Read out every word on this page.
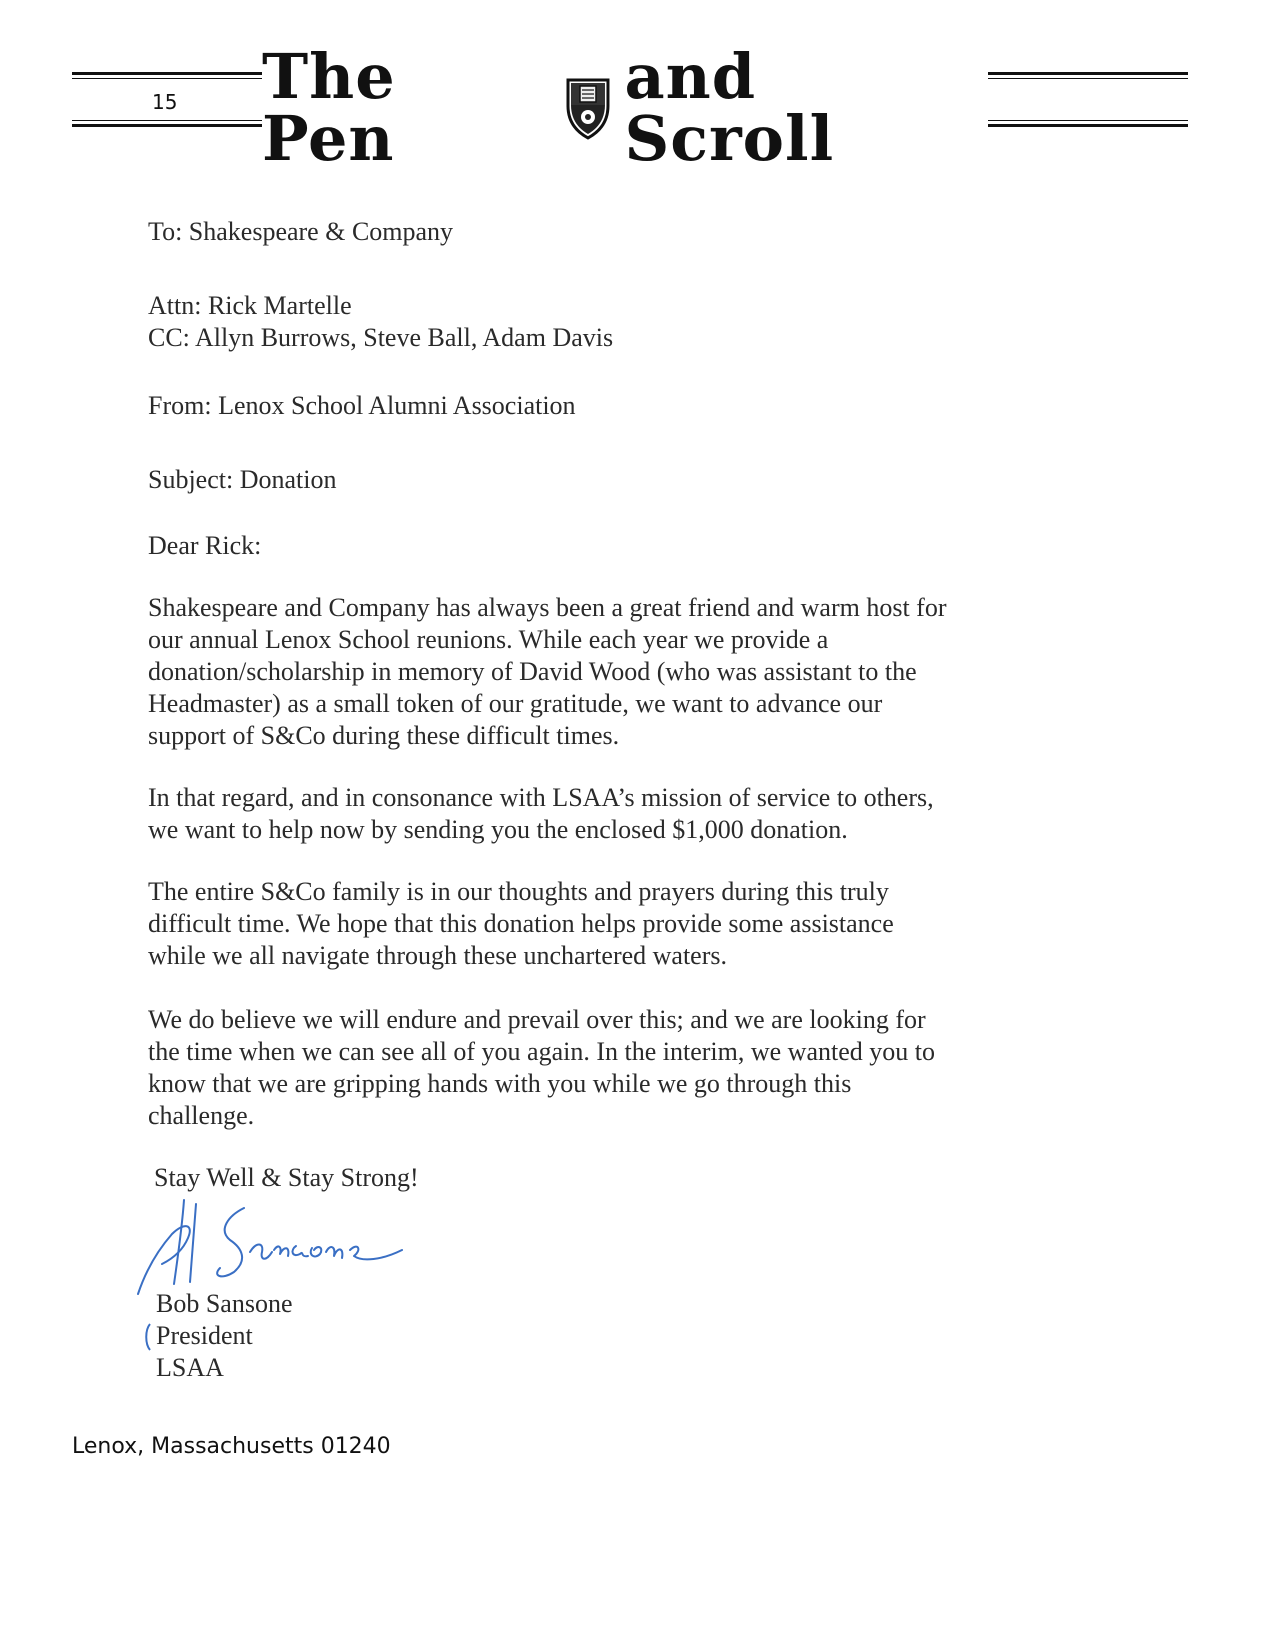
15 The Pen
and Scroll
To: Shakespeare & Company
Attn: Rick Martelle
CC: Allyn Burrows, Steve Ball, Adam Davis
From: Lenox School Alumni Association
Subject: Donation
Dear Rick:
Shakespeare and Company has always been a great friend and warm host for
our annual Lenox School reunions. While each year we provide a
donation/scholarship in memory of David Wood (who was assistant to the
Headmaster) as a small token of our gratitude, we want to advance our
support of S&Co during these difficult times.
In that regard, and in consonance with LSAA’s mission of service to others,
we want to help now by sending you the enclosed $1,000 donation.
The entire S&Co family is in our thoughts and prayers during this truly
difficult time. We hope that this donation helps provide some assistance
while we all navigate through these unchartered waters.
We do believe we will endure and prevail over this; and we are looking for
the time when we can see all of you again. In the interim, we wanted you to
know that we are gripping hands with you while we go through this
challenge.
Stay Well & Stay Strong!
Bob Sansone
President
LSAA
Lenox, Massachusetts 01240
